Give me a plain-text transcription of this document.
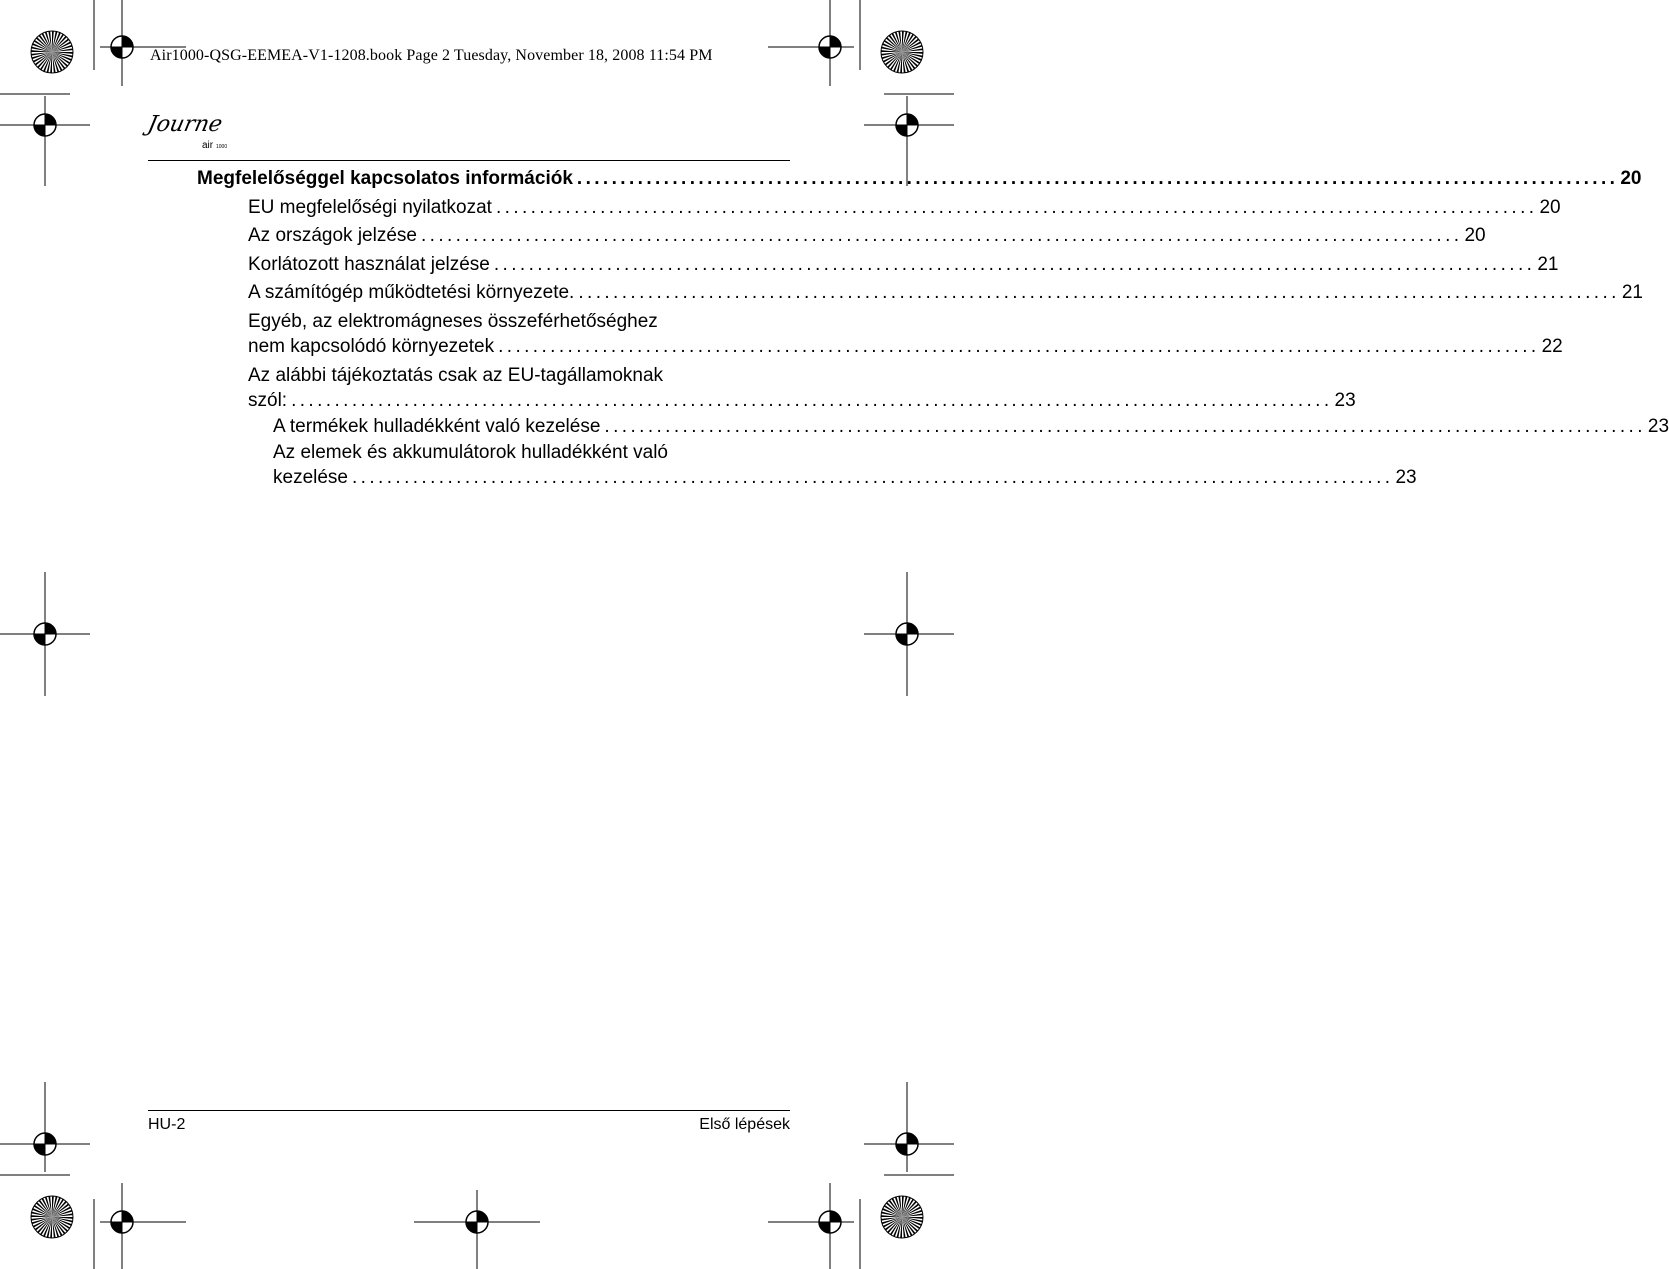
Air1000-QSG-EEMEA-V1-1208.book Page 2 Tuesday, November 18, 2008 11:54 PM
Journe
air 1000
Megfelelőséggel kapcsolatos információk ........................................................................................................................ 20
EU megfelelőségi nyilatkozat ........................................................................................................................ 20
Az országok jelzése ........................................................................................................................ 20
Korlátozott használat jelzése ........................................................................................................................ 21
A számítógép működtetési környezete. ........................................................................................................................ 21
Egyéb, az elektromágneses összeférhetőséghez
nem kapcsolódó környezetek ........................................................................................................................ 22
Az alábbi tájékoztatás csak az EU-tagállamoknak
szól: ........................................................................................................................ 23
A termékek hulladékként való kezelése ........................................................................................................................ 23
Az elemek és akkumulátorok hulladékként való
kezelése ........................................................................................................................ 23
HU-2	Első lépések
